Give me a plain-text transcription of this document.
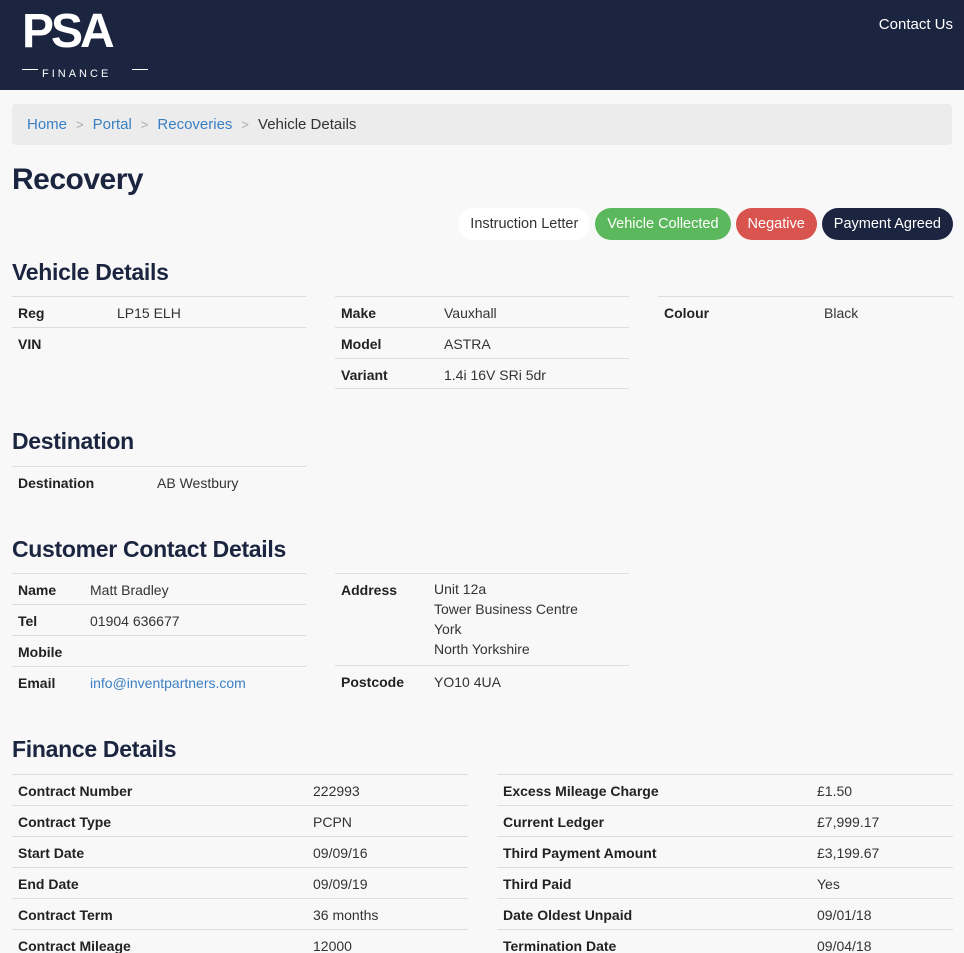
PSA
FINANCE
Contact Us
Home > Portal > Recoveries > Vehicle Details
Recovery
Instruction Letter	Vehicle Collected	Negative	Payment Agreed
Vehicle Details
Reg	LP15 ELH
VIN
Make	Vauxhall
Model	ASTRA
Variant	1.4i 16V SRi 5dr
Colour	Black
Destination
Destination	AB Westbury
Customer Contact Details
Name Matt Bradley
Tel	01904 636677
Mobile
Email info@inventpartners.com
Address	Unit 12a
Tower Business Centre
York
North Yorkshire
Postcode YO10 4UA
Finance Details
Contract Number	222993
Contract Type	PCPN
Start Date	09/09/16
End Date	09/09/19
Contract Term	36 months
Contract Mileage	12000
Excess Mileage Charge	£1.50
Current Ledger	£7,999.17
Third Payment Amount	£3,199.67
Third Paid	Yes
Date Oldest Unpaid	09/01/18
Termination Date	09/04/18
